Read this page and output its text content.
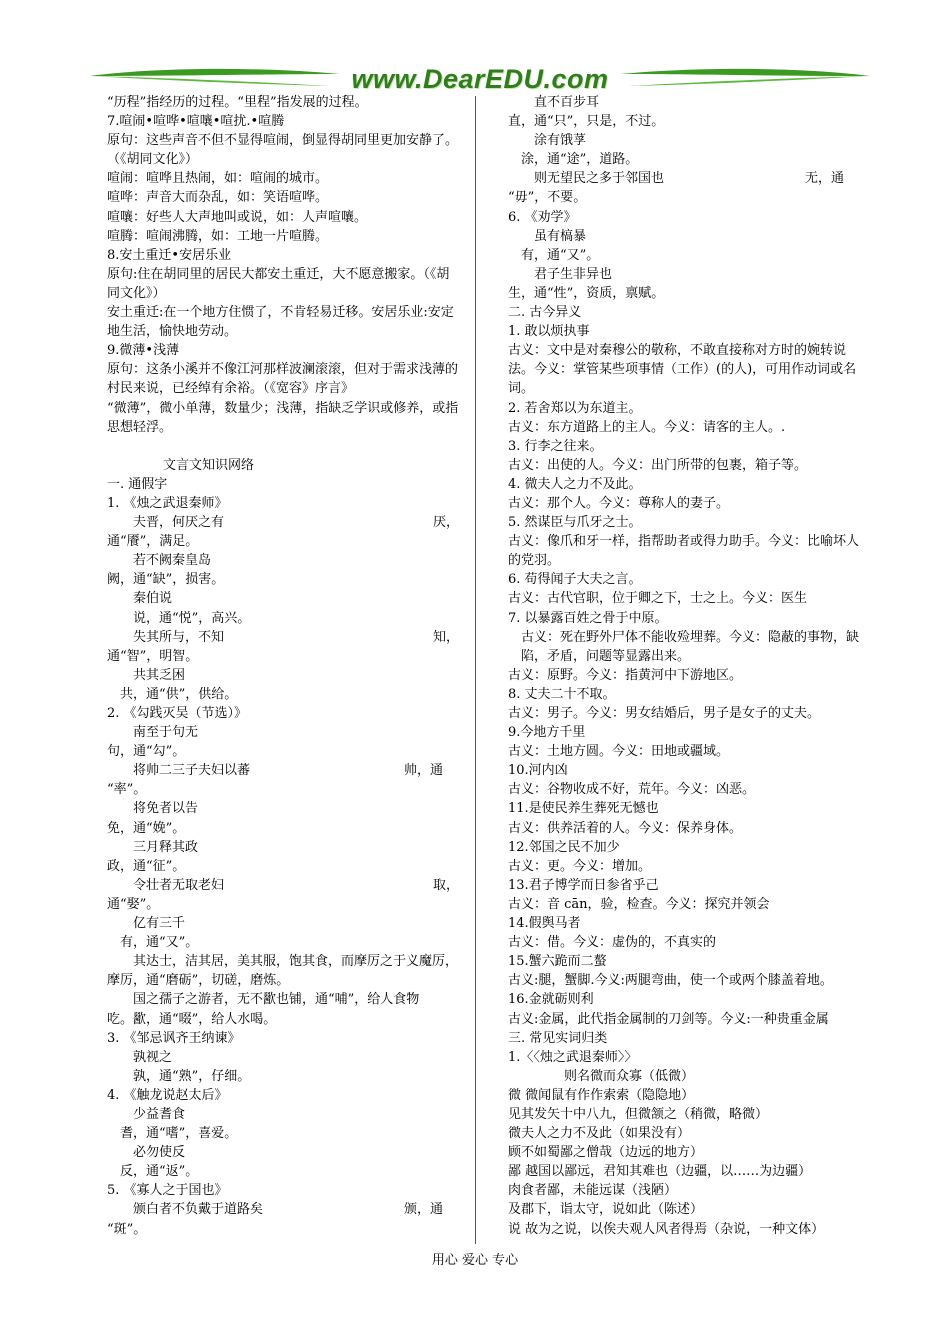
www.DearEDU.com
“历程”指经历的过程。“里程”指发展的过程。
7.喧闹•喧哗•喧嚷•喧扰.•喧腾
原句：这些声音不但不显得喧闹，倒显得胡同里更加安静了。（《胡同文化》）
喧闹：喧哗且热闹，如：喧闹的城市。
喧哗：声音大而杂乱，如：笑语喧哗。
喧嚷：好些人大声地叫或说，如：人声喧嚷。
喧腾：喧闹沸腾，如：工地一片喧腾。
8.安土重迁•安居乐业
原句:住在胡同里的居民大都安土重迁，大不愿意搬家。（《胡同文化》）
安土重迁:在一个地方住惯了，不肯轻易迁移。安居乐业:安定地生活，愉快地劳动。
9.微薄•浅薄
原句：这条小溪并不像江河那样波澜滚滚，但对于需求浅薄的村民来说，已经绰有余裕。（《宽容》序言》
“微薄”，微小单薄，数量少；浅薄，指缺乏学识或修养，或指思想轻浮。
文言文知识网络
一. 通假字
1. 《烛之武退秦师》
夫晋，何厌之有	厌，
通“餍”，满足。
若不阙秦皇岛
阙，通“缺”，损害。
秦伯说
说，通“悦”，高兴。
失其所与，不知	知，
通“智”，明智。
共其乏困
共，通“供”，供给。
2. 《勾践灭吴（节选）》
南至于句无
句，通“勾”。
将帅二三子夫妇以蕃	帅，通
“率”。
将免者以告
免，通“娩”。
三月释其政
政，通“征”。
令壮者无取老妇	取，
通“娶”。
亿有三千
有，通“又”。
其达士，洁其居，美其服，饱其食，而摩厉之于义魔厉，
摩厉，通“磨砺”，切磋，磨炼。
国之孺子之游者，无不歠也铺，通“哺”，给人食物
吃。歠，通“啜”，给人水喝。
3. 《邹忌讽齐王纳谏》
孰视之
孰，通“熟”，仔细。
4. 《触龙说赵太后》
少益耆食
耆，通“嗜”，喜爱。
必勿使反
反，通“返”。
5. 《寡人之于国也》
颁白者不负戴于道路矣	颁，通
“斑”。
直不百步耳
直，通“只”，只是，不过。
涂有饿莩
涂，通“途”，道路。
则无望民之多于邻国也	无，通
“毋”，不要。
6. 《劝学》
虽有槁暴
有，通“又”。
君子生非异也
生，通“性”，资质，禀赋。
二. 古今异义
1. 敢以烦执事
古义：文中是对秦穆公的敬称，不敢直接称对方时的婉转说法。今义：掌管某些项事情（工作）(的人)，可用作动词或名词。
2. 若舍郑以为东道主。
古义：东方道路上的主人。今义：请客的主人。.
3. 行李之往来。
古义：出使的人。今义：出门所带的包裹，箱子等。
4. 微夫人之力不及此。
古义：那个人。今义：尊称人的妻子。
5. 然谋臣与爪牙之士。
古义：像爪和牙一样，指帮助者或得力助手。今义：比喻坏人的党羽。
6. 苟得闻子大夫之言。
古义：古代官职，位于卿之下，士之上。今义：医生
7. 以暴露百姓之骨于中原。
古义：死在野外尸体不能收殓埋葬。今义：隐蔽的事物，缺陷，矛盾，问题等显露出来。
古义：原野。今义：指黄河中下游地区。
8. 丈夫二十不取。
古义：男子。今义：男女结婚后，男子是女子的丈夫。
9.今地方千里
古义：土地方圆。今义：田地或疆域。
10.河内凶
古义：谷物收成不好，荒年。今义：凶恶。
11.是使民养生葬死无憾也
古义：供养活着的人。今义：保养身体。
12.邻国之民不加少
古义：更。今义：增加。
13.君子博学而日参省乎己
古义：音 cān，验，检查。今义：探究并领会
14.假舆马者
古义：借。今义：虚伪的，不真实的
15.蟹六跪而二螯
古义:腿，蟹脚.今义:两腿弯曲，使一个或两个膝盖着地。
16.金就砺则利
古义:金属，此代指金属制的刀剑等。今义:一种贵重金属
三. 常见实词归类
1.〈〈烛之武退秦师〉〉
则名微而众寡（低微）
微 微闻鼠有作作索索（隐隐地）
见其发矢十中八九，但微颔之（稍微，略微）
微夫人之力不及此（如果没有）
顾不如蜀鄙之僧哉（边远的地方）
鄙 越国以鄙远，君知其难也（边疆，以……为边疆）
肉食者鄙，未能远谋（浅陋）
及郡下，诣太守，说如此（陈述）
说 故为之说，以俟夫观人风者得焉（杂说，一种文体）
用心 爱心 专心
